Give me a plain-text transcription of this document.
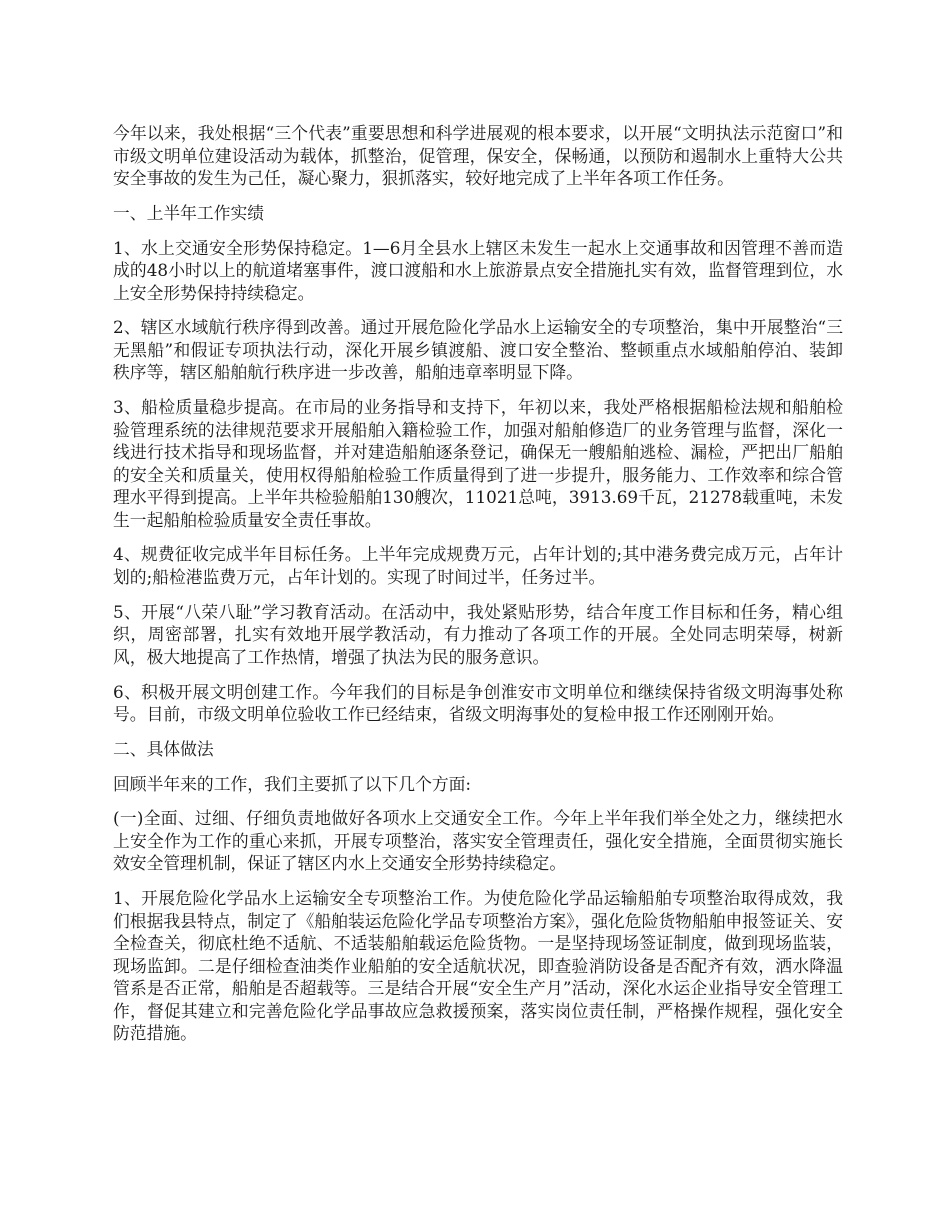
今年以来，我处根据“三个代表”重要思想和科学进展观的根本要求，以开展“文明执法示范窗口”和市级文明单位建设活动为载体，抓整治，促管理，保安全，保畅通，以预防和遏制水上重特大公共安全事故的发生为己任，凝心聚力，狠抓落实，较好地完成了上半年各项工作任务。

一、上半年工作实绩

1、水上交通安全形势保持稳定。1—6月全县水上辖区未发生一起水上交通事故和因管理不善而造成的48小时以上的航道堵塞事件，渡口渡船和水上旅游景点安全措施扎实有效，监督管理到位，水上安全形势保持持续稳定。

2、辖区水域航行秩序得到改善。通过开展危险化学品水上运输安全的专项整治，集中开展整治“三无黑船”和假证专项执法行动，深化开展乡镇渡船、渡口安全整治、整顿重点水域船舶停泊、装卸秩序等，辖区船舶航行秩序进一步改善，船舶违章率明显下降。

3、船检质量稳步提高。在市局的业务指导和支持下，年初以来，我处严格根据船检法规和船舶检验管理系统的法律规范要求开展船舶入籍检验工作，加强对船舶修造厂的业务管理与监督，深化一线进行技术指导和现场监督，并对建造船舶逐条登记，确保无一艘船舶逃检、漏检，严把出厂船舶的安全关和质量关，使用权得船舶检验工作质量得到了进一步提升，服务能力、工作效率和综合管理水平得到提高。上半年共检验船舶130艘次，11021总吨，3913.69千瓦，21278载重吨，未发生一起船舶检验质量安全责任事故。

4、规费征收完成半年目标任务。上半年完成规费万元，占年计划的;其中港务费完成万元，占年计划的;船检港监费万元，占年计划的。实现了时间过半，任务过半。

5、开展“八荣八耻”学习教育活动。在活动中，我处紧贴形势，结合年度工作目标和任务，精心组织，周密部署，扎实有效地开展学教活动，有力推动了各项工作的开展。全处同志明荣辱，树新风，极大地提高了工作热情，增强了执法为民的服务意识。

6、积极开展文明创建工作。今年我们的目标是争创淮安市文明单位和继续保持省级文明海事处称号。目前，市级文明单位验收工作已经结束，省级文明海事处的复检申报工作还刚刚开始。

二、具体做法

回顾半年来的工作，我们主要抓了以下几个方面:

(一)全面、过细、仔细负责地做好各项水上交通安全工作。今年上半年我们举全处之力，继续把水上安全作为工作的重心来抓，开展专项整治，落实安全管理责任，强化安全措施，全面贯彻实施长效安全管理机制，保证了辖区内水上交通安全形势持续稳定。

1、开展危险化学品水上运输安全专项整治工作。为使危险化学品运输船舶专项整治取得成效，我们根据我县特点，制定了《船舶装运危险化学品专项整治方案》，强化危险货物船舶申报签证关、安全检查关，彻底杜绝不适航、不适装船舶载运危险货物。一是坚持现场签证制度，做到现场监装，现场监卸。二是仔细检查油类作业船舶的安全适航状况，即查验消防设备是否配齐有效，洒水降温管系是否正常，船舶是否超载等。三是结合开展“安全生产月”活动，深化水运企业指导安全管理工作，督促其建立和完善危险化学品事故应急救援预案，落实岗位责任制，严格操作规程，强化安全防范措施。
